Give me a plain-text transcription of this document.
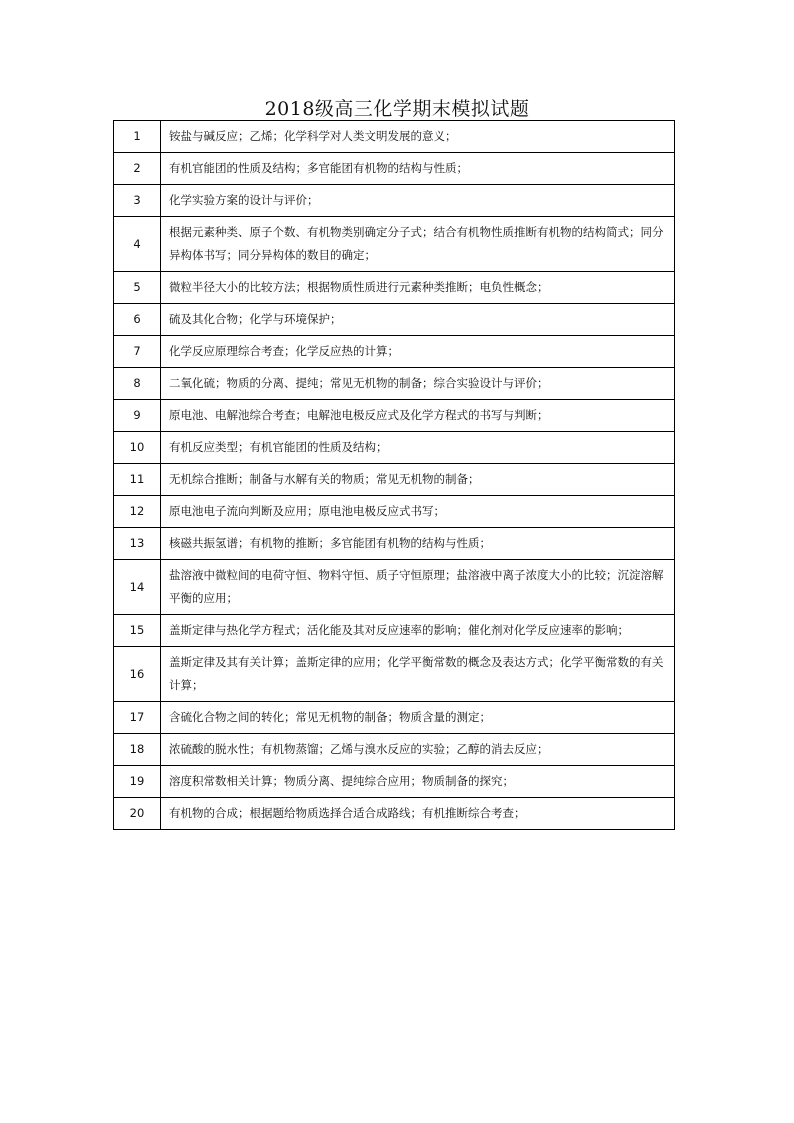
2018级高三化学期末模拟试题
1	铵盐与碱反应；乙烯；化学科学对人类文明发展的意义；
2	有机官能团的性质及结构；多官能团有机物的结构与性质；
3	化学实验方案的设计与评价；
4	根据元素种类、原子个数、有机物类别确定分子式；结合有机物性质推断有机物的结构简式；同分异构体书写；同分异构体的数目的确定；
5	微粒半径大小的比较方法；根据物质性质进行元素种类推断；电负性概念；
6	硫及其化合物；化学与环境保护；
7	化学反应原理综合考查；化学反应热的计算；
8	二氧化硫；物质的分离、提纯；常见无机物的制备；综合实验设计与评价；
9	原电池、电解池综合考查；电解池电极反应式及化学方程式的书写与判断；
10	有机反应类型；有机官能团的性质及结构；
11	无机综合推断；制备与水解有关的物质；常见无机物的制备；
12	原电池电子流向判断及应用；原电池电极反应式书写；
13	核磁共振氢谱；有机物的推断；多官能团有机物的结构与性质；
14	盐溶液中微粒间的电荷守恒、物料守恒、质子守恒原理；盐溶液中离子浓度大小的比较；沉淀溶解平衡的应用；
15	盖斯定律与热化学方程式；活化能及其对反应速率的影响；催化剂对化学反应速率的影响；
16	盖斯定律及其有关计算；盖斯定律的应用；化学平衡常数的概念及表达方式；化学平衡常数的有关计算；
17	含硫化合物之间的转化；常见无机物的制备；物质含量的测定；
18	浓硫酸的脱水性；有机物蒸馏；乙烯与溴水反应的实验；乙醇的消去反应；
19	溶度积常数相关计算；物质分离、提纯综合应用；物质制备的探究；
20	有机物的合成；根据题给物质选择合适合成路线；有机推断综合考查；
